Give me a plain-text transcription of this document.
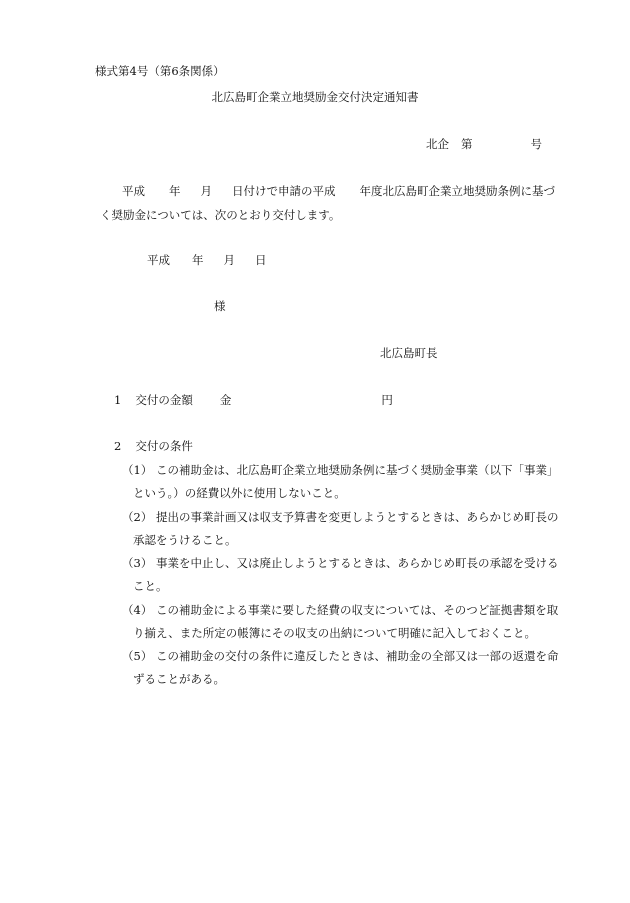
様式第4号（第6条関係）
北広島町企業立地奨励金交付決定通知書
北企 第	号
平成 年 月 日付けで申請の平成 年度北広島町企業立地奨励条例に基づ
く奨励金については、次のとおり交付します。
平成 年 月 日
様
北広島町長
1 交付の金額 金	円
2 交付の条件
（1） この補助金は、北広島町企業立地奨励条例に基づく奨励金事業（以下「事業」
という。）の経費以外に使用しないこと。
（2） 提出の事業計画又は収支予算書を変更しようとするときは、あらかじめ町長の
承認をうけること。
（3） 事業を中止し、又は廃止しようとするときは、あらかじめ町長の承認を受ける
こと。
（4） この補助金による事業に要した経費の収支については、そのつど証拠書類を取
り揃え、また所定の帳簿にその収支の出納について明確に記入しておくこと。
（5） この補助金の交付の条件に違反したときは、補助金の全部又は一部の返還を命
ずることがある。
